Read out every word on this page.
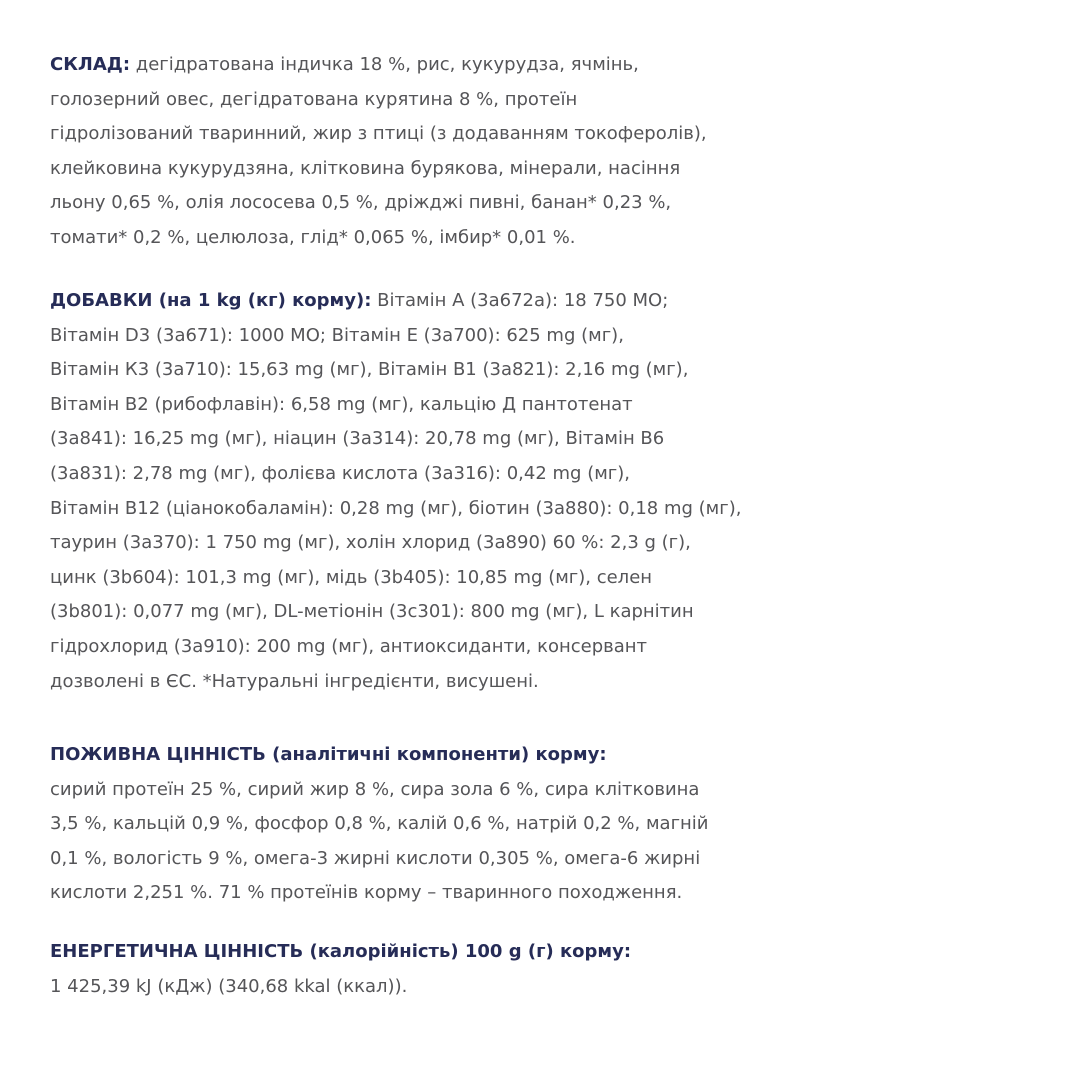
СКЛАД: дегідратована індичка 18 %, рис, кукурудза, ячмінь,
голозерний овес, дегідратована курятина 8 %, протеїн
гідролізований тваринний, жир з птиці (з додаванням токоферолів),
клейковина кукурудзяна, клітковина бурякова, мінерали, насіння
льону 0,65 %, олія лососева 0,5 %, дріжджі пивні, банан* 0,23 %,
томати* 0,2 %, целюлоза, глід* 0,065 %, імбир* 0,01 %.
ДОБАВКИ (на 1 kg (кг) корму): Вітамін А (3а672а): 18 750 МО;
Вітамін D3 (3а671): 1000 МО; Вітамін Е (3а700): 625 mg (мг),
Вітамін К3 (3а710): 15,63 mg (мг), Вітамін В1 (3а821): 2,16 mg (мг),
Вітамін В2 (рибофлавін): 6,58 mg (мг), кальцію Д пантотенат
(3а841): 16,25 mg (мг), ніацин (3а314): 20,78 mg (мг), Вітамін В6
(3а831): 2,78 mg (мг), фолієва кислота (3а316): 0,42 mg (мг),
Вітамін В12 (ціанокобаламін): 0,28 mg (мг), біотин (3а880): 0,18 mg (мг),
таурин (3а370): 1 750 mg (мг), холін хлорид (3а890) 60 %: 2,3 g (г),
цинк (3b604): 101,3 mg (мг), мідь (3b405): 10,85 mg (мг), селен
(3b801): 0,077 mg (мг), DL-метіонін (3c301): 800 mg (мг), L карнітин
гідрохлорид (3а910): 200 mg (мг), антиоксиданти, консервант
дозволені в ЄС. *Натуральні інгредієнти, висушені.
ПОЖИВНА ЦІННІСТЬ (аналітичні компоненти) корму:
сирий протеїн 25 %, сирий жир 8 %, сира зола 6 %, сира клітковина
3,5 %, кальцій 0,9 %, фосфор 0,8 %, калій 0,6 %, натрій 0,2 %, магній
0,1 %, вологість 9 %, омега-3 жирні кислоти 0,305 %, омега-6 жирні
кислоти 2,251 %. 71 % протеїнів корму – тваринного походження.
ЕНЕРГЕТИЧНА ЦІННІСТЬ (калорійність) 100 g (г) корму:
1 425,39 kJ (кДж) (340,68 kkal (ккал)).
